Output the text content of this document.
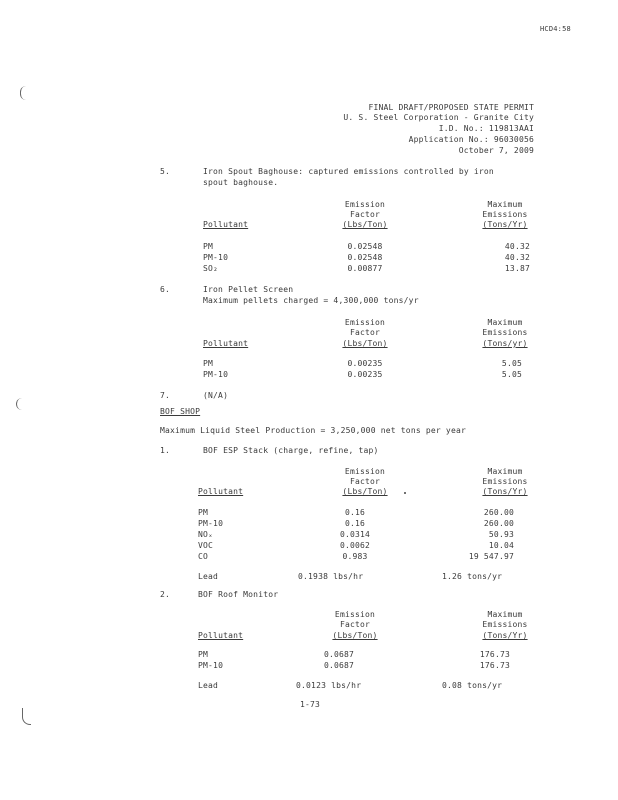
HCD4:58
FINAL DRAFT/PROPOSED STATE PERMIT
U. S. Steel Corporation - Granite City
I.D. No.: 119813AAI
Application No.: 96030056
October 7, 2009
5.	Iron Spout Baghouse: captured emissions controlled by iron
spout baghouse.
Emission
Factor
(Lbs/Ton)
Maximum
Emissions
(Tons/Yr)
Pollutant
PM	0.02548	40.32
PM-10	0.02548	40.32
SO₂	0.00877	13.87
6.	Iron Pellet Screen
Maximum pellets charged = 4,300,000 tons/yr
Emission
Factor
(Lbs/Ton)
Maximum
Emissions
(Tons/yr)
Pollutant
PM	0.00235	5.05
PM-10	0.00235	5.05
7.	(N/A)
BOF SHOP
Maximum Liquid Steel Production = 3,250,000 net tons per year
1.	BOF ESP Stack (charge, refine, tap)
Emission
Factor
(Lbs/Ton)
Maximum
Emissions
(Tons/Yr)
Pollutant
PM	0.16	260.00
PM-10	0.16	260.00
NOₓ	0.0314	50.93
VOC	0.0062	10.04
CO	0.983	19 547.97
Lead	0.1938 lbs/hr	1.26 tons/yr
2.	BOF Roof Monitor
Emission
Factor
(Lbs/Ton)
Maximum
Emissions
(Tons/Yr)
Pollutant
PM	0.0687	176.73
PM-10	0.0687	176.73
Lead	0.0123 lbs/hr	0.08 tons/yr
1-73
